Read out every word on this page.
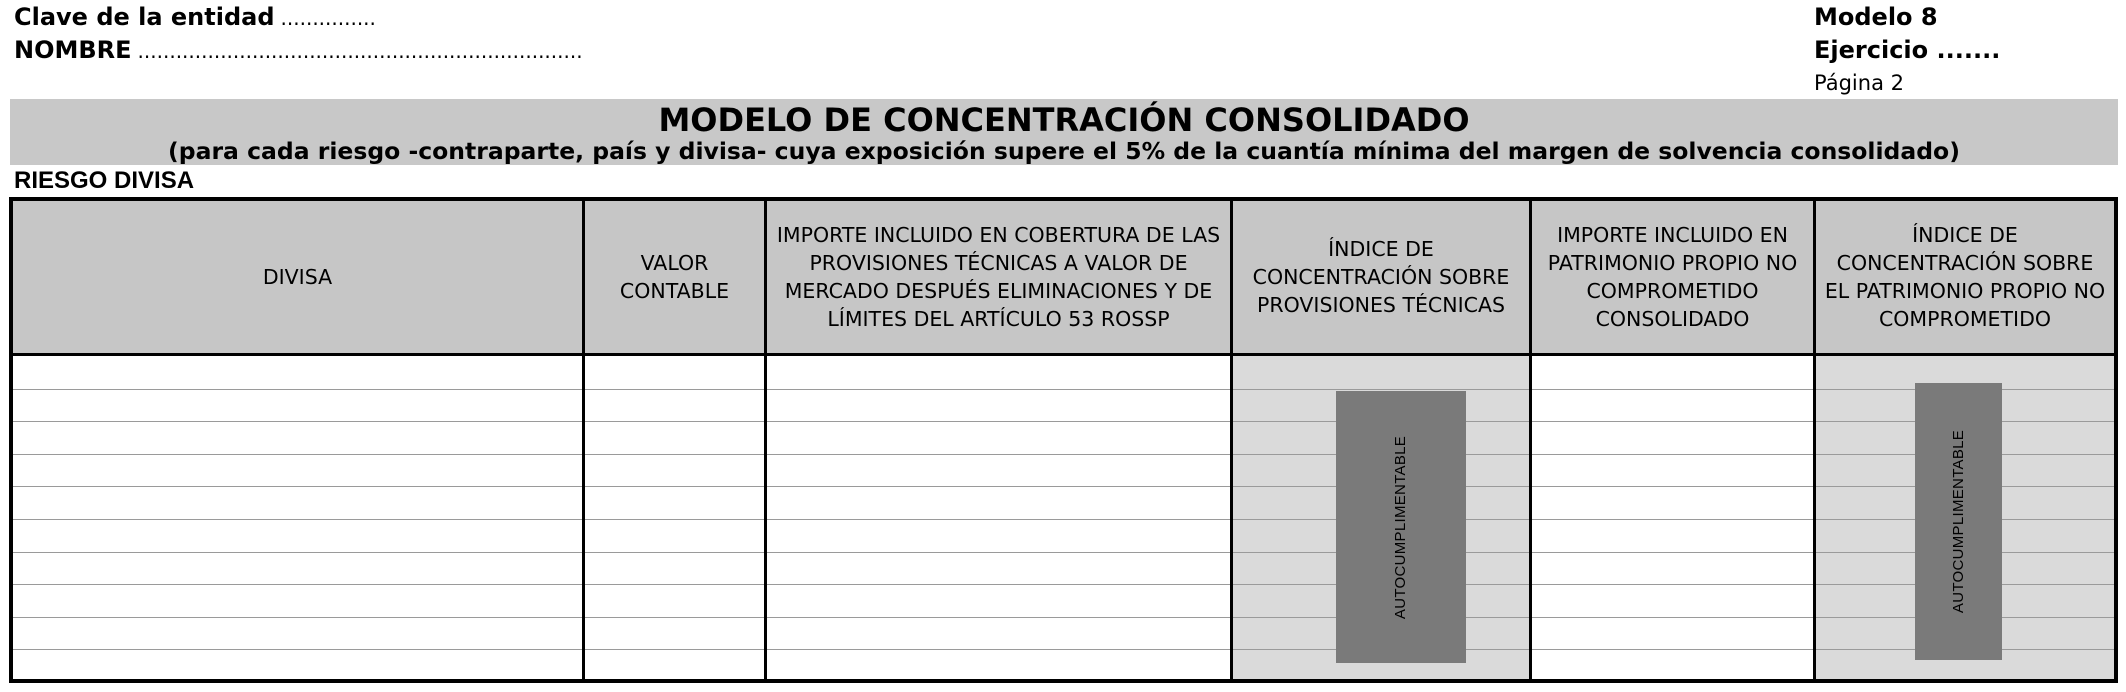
Clave de la entidad ...............
NOMBRE ......................................................................
Modelo 8
Ejercicio .......
Página 2
MODELO DE CONCENTRACIÓN CONSOLIDADO
(para cada riesgo -contraparte, país y divisa- cuya exposición supere el 5% de la cuantía mínima del margen de solvencia consolidado)
RIESGO DIVISA
DIVISA
VALOR CONTABLE
IMPORTE INCLUIDO EN COBERTURA DE LAS PROVISIONES TÉCNICAS A VALOR DE MERCADO DESPUÉS ELIMINACIONES Y DE LÍMITES DEL ARTÍCULO 53 ROSSP
ÍNDICE DE CONCENTRACIÓN SOBRE PROVISIONES TÉCNICAS
AUTOCUMPLIMENTABLE
IMPORTE INCLUIDO EN PATRIMONIO PROPIO NO COMPROMETIDO CONSOLIDADO
ÍNDICE DE CONCENTRACIÓN SOBRE EL PATRIMONIO PROPIO NO COMPROMETIDO
AUTOCUMPLIMENTABLE
